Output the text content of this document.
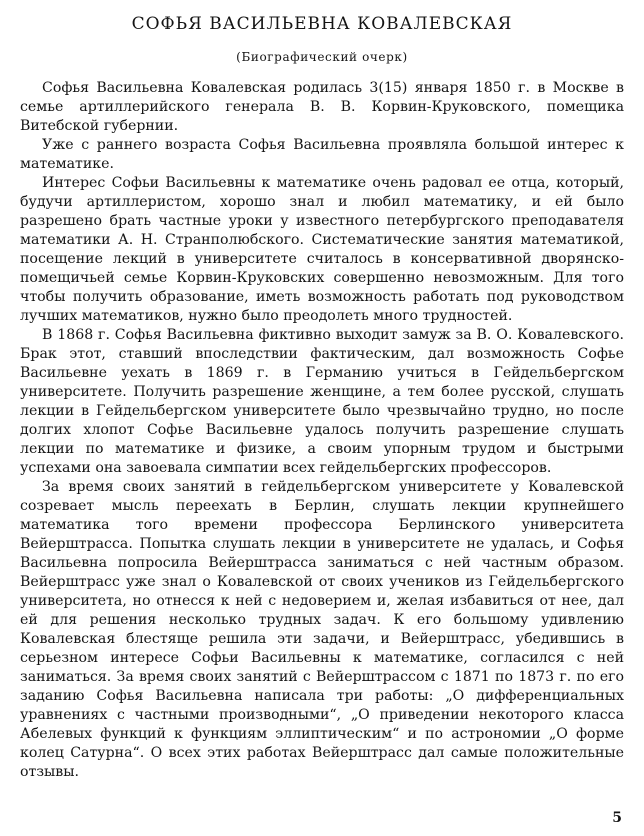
СОФЬЯ ВАСИЛЬЕВНА КОВАЛЕВСКАЯ
(Биографический очерк)

Софья Васильевна Ковалевская родилась 3(15) января 1850 г. в Москве в семье артиллерийского генерала В. В. Корвин-Круковского, помещика Витебской губернии.

Уже с раннего возраста Софья Васильевна проявляла большой интерес к математике.

Интерес Софьи Васильевны к математике очень радовал ее отца, который, будучи артиллеристом, хорошо знал и любил математику, и ей было разрешено брать частные уроки у известного петербургского преподавателя математики А. Н. Странполюбского. Систематические занятия математикой, посещение лекций в университете считалось в консервативной дворянско-помещичьей семье Корвин-Круковских совершенно невозможным. Для того чтобы получить образование, иметь возможность работать под руководством лучших математиков, нужно было преодолеть много трудностей.

В 1868 г. Софья Васильевна фиктивно выходит замуж за В. О. Ковалевского. Брак этот, ставший впоследствии фактическим, дал возможность Софье Васильевне уехать в 1869 г. в Германию учиться в Гейдельбергском университете. Получить разрешение женщине, а тем более русской, слушать лекции в Гейдельбергском университете было чрезвычайно трудно, но после долгих хлопот Софье Васильевне удалось получить разрешение слушать лекции по математике и физике, а своим упорным трудом и быстрыми успехами она завоевала симпатии всех гейдельбергских профессоров.

За время своих занятий в гейдельбергском университете у Ковалевской созревает мысль переехать в Берлин, слушать лекции крупнейшего математика того времени профессора Берлинского университета Вейерштрасса. Попытка слушать лекции в университете не удалась, и Софья Васильевна попросила Вейерштрасса заниматься с ней частным образом. Вейерштрасс уже знал о Ковалевской от своих учеников из Гейдельбергского университета, но отнесся к ней с недоверием и, желая избавиться от нее, дал ей для решения несколько трудных задач. К его большому удивлению Ковалевская блестяще решила эти задачи, и Вейерштрасс, убедившись в серьезном интересе Софьи Васильевны к математике, согласился с ней заниматься. За время своих занятий с Вейерштрассом с 1871 по 1873 г. по его заданию Софья Васильевна написала три работы: „О дифференциальных уравнениях с частными производными“, „О приведении некоторого класса Абелевых функций к функциям эллиптическим“ и по астрономии „О форме колец Сатурна“. О всех этих работах Вейерштрасс дал самые положительные отзывы.

5
